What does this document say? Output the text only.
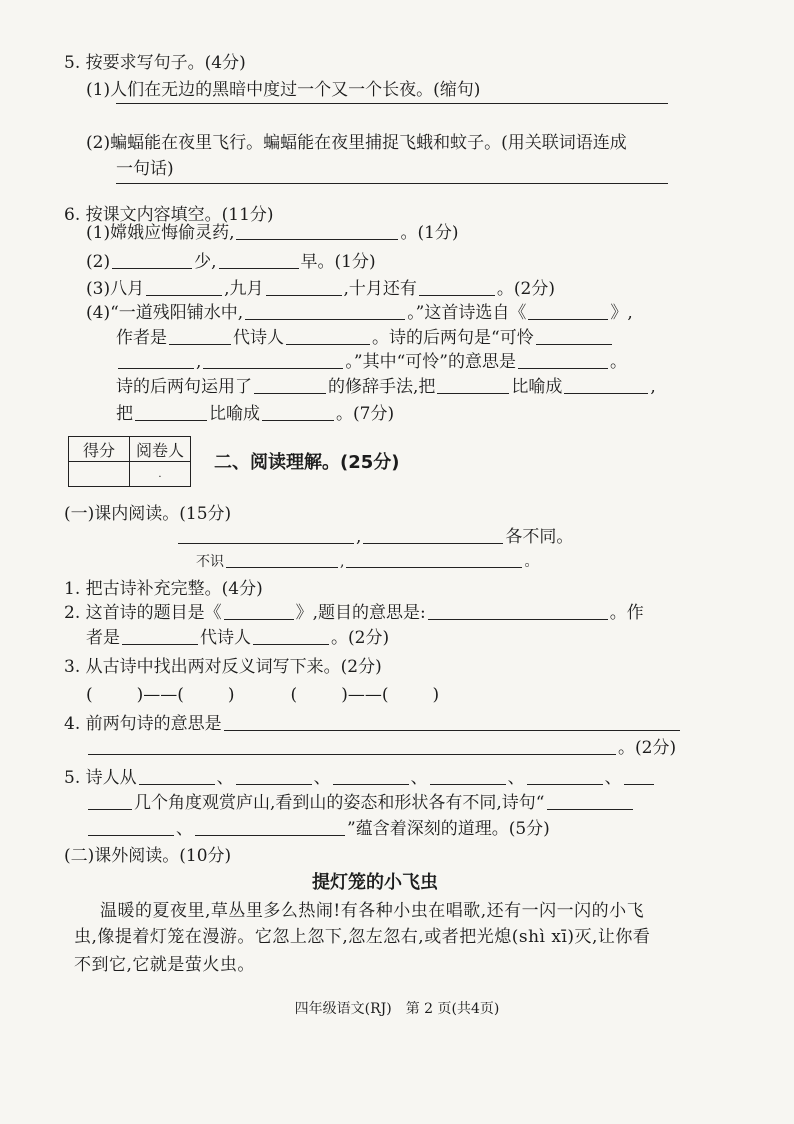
5. 按要求写句子。(4分)
(1)人们在无边的黑暗中度过一个又一个长夜。(缩句)
(2)蝙蝠能在夜里飞行。蝙蝠能在夜里捕捉飞蛾和蚊子。(用关联词语连成
一句话)
6. 按课文内容填空。(11分)
(1)嫦娥应悔偷灵药,	。(1分)
(2)	少,	早。(1分)
(3)八月	,九月	,十月还有	。(2分)
(4)“一道残阳铺水中,	。”这首诗选自《	》,
作者是	代诗人	。诗的后两句是“可怜
,	。”其中“可怜”的意思是	。
诗的后两句运用了	的修辞手法,把	比喻成	,
把	比喻成	。(7分)
得分	阅卷人
	·
二、阅读理解。(25分)
(一)课内阅读。(15分)
,	各不同。
不识	,	。
1. 把古诗补充完整。(4分)
2. 这首诗的题目是《	》,题目的意思是:	。作
者是	代诗人	。(2分)
3. 从古诗中找出两对反义词写下来。(2分)
(	)——(	)	(	)——(	)
4. 前两句诗的意思是
。(2分)
5. 诗人从	、	、	、	、	、
几个角度观赏庐山,看到山的姿态和形状各有不同,诗句“
、	”蕴含着深刻的道理。(5分)
(二)课外阅读。(10分)
提灯笼的小飞虫
温暖的夏夜里,草丛里多么热闹!有各种小虫在唱歌,还有一闪一闪的小飞
虫,像提着灯笼在漫游。它忽上忽下,忽左忽右,或者把光熄(shì xī)灭,让你看
不到它,它就是萤火虫。
四年级语文(RJ)　第 2 页(共4页)
